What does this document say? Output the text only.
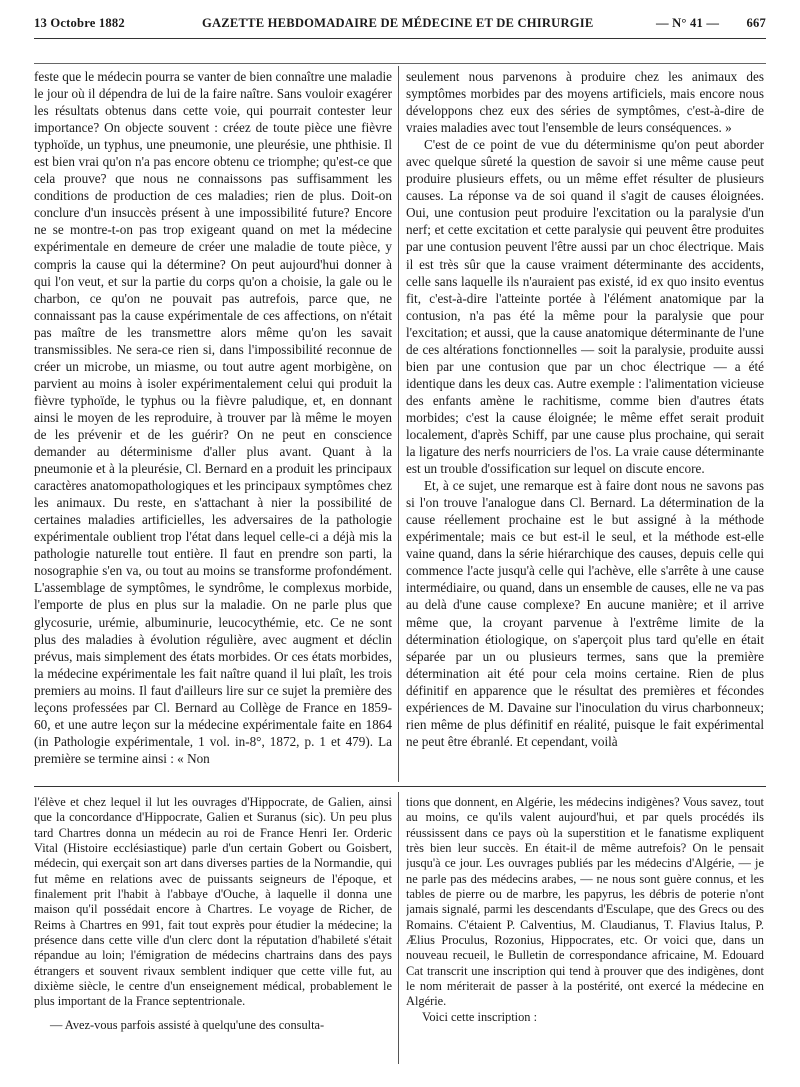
13 Octobre 1882	GAZETTE HEBDOMADAIRE DE MÉDECINE ET DE CHIRURGIE	— N° 41 — 667

feste que le médecin pourra se vanter de bien connaître une maladie le jour où il dépendra de lui de la faire naître. Sans vouloir exagérer les résultats obtenus dans cette voie, qui pourrait contester leur importance? On objecte souvent : créez de toute pièce une fièvre typhoïde, un typhus, une pneumonie, une pleurésie, une phthisie. Il est bien vrai qu'on n'a pas encore obtenu ce triomphe; qu'est-ce que cela prouve? que nous ne connaissons pas suffisamment les conditions de production de ces maladies; rien de plus. Doit-on conclure d'un insuccès présent à une impossibilité future? Encore ne se montre-t-on pas trop exigeant quand on met la médecine expérimentale en demeure de créer une maladie de toute pièce, y compris la cause qui la détermine? On peut aujourd'hui donner à qui l'on veut, et sur la partie du corps qu'on a choisie, la gale ou le charbon, ce qu'on ne pouvait pas autrefois, parce que, ne connaissant pas la cause expérimentale de ces affections, on n'était pas maître de les transmettre alors même qu'on les savait transmissibles. Ne sera-ce rien si, dans l'impossibilité reconnue de créer un microbe, un miasme, ou tout autre agent morbigène, on parvient au moins à isoler expérimentalement celui qui produit la fièvre typhoïde, le typhus ou la fièvre paludique, et, en donnant ainsi le moyen de les reproduire, à trouver par là même le moyen de les prévenir et de les guérir? On ne peut en conscience demander au déterminisme d'aller plus avant. Quant à la pneumonie et à la pleurésie, Cl. Bernard en a produit les principaux caractères anatomopathologiques et les principaux symptômes chez les animaux. Du reste, en s'attachant à nier la possibilité de certaines maladies artificielles, les adversaires de la pathologie expérimentale oublient trop l'état dans lequel celle-ci a déjà mis la pathologie naturelle tout entière. Il faut en prendre son parti, la nosographie s'en va, ou tout au moins se transforme profondément. L'assemblage de symptômes, le syndrôme, le complexus morbide, l'emporte de plus en plus sur la maladie. On ne parle plus que glycosurie, urémie, albuminurie, leucocythémie, etc. Ce ne sont plus des maladies à évolution régulière, avec augment et déclin prévus, mais simplement des états morbides. Or ces états morbides, la médecine expérimentale les fait naître quand il lui plaît, les trois premiers au moins. Il faut d'ailleurs lire sur ce sujet la première des leçons professées par Cl. Bernard au Collège de France en 1859-60, et une autre leçon sur la médecine expérimentale faite en 1864 (in Pathologie expérimentale, 1 vol. in-8°, 1872, p. 1 et 479). La première se termine ainsi : « Non

seulement nous parvenons à produire chez les animaux des symptômes morbides par des moyens artificiels, mais encore nous développons chez eux des séries de symptômes, c'est-à-dire de vraies maladies avec tout l'ensemble de leurs conséquences. »

C'est de ce point de vue du déterminisme qu'on peut aborder avec quelque sûreté la question de savoir si une même cause peut produire plusieurs effets, ou un même effet résulter de plusieurs causes. La réponse va de soi quand il s'agit de causes éloignées. Oui, une contusion peut produire l'excitation ou la paralysie d'un nerf; et cette excitation et cette paralysie qui peuvent être produites par une contusion peuvent l'être aussi par un choc électrique. Mais il est très sûr que la cause vraiment déterminante des accidents, celle sans laquelle ils n'auraient pas existé, id ex quo insito eventus fit, c'est-à-dire l'atteinte portée à l'élément anatomique par la contusion, n'a pas été la même pour la paralysie que pour l'excitation; et aussi, que la cause anatomique déterminante de l'une de ces altérations fonctionnelles — soit la paralysie, produite aussi bien par une contusion que par un choc électrique — a été identique dans les deux cas. Autre exemple : l'alimentation vicieuse des enfants amène le rachitisme, comme bien d'autres états morbides; c'est la cause éloignée; le même effet serait produit localement, d'après Schiff, par une cause plus prochaine, qui serait la ligature des nerfs nourriciers de l'os. La vraie cause déterminante est un trouble d'ossification sur lequel on discute encore.

Et, à ce sujet, une remarque est à faire dont nous ne savons pas si l'on trouve l'analogue dans Cl. Bernard. La détermination de la cause réellement prochaine est le but assigné à la méthode expérimentale; mais ce but est-il le seul, et la méthode est-elle vaine quand, dans la série hiérarchique des causes, depuis celle qui commence l'acte jusqu'à celle qui l'achève, elle s'arrête à une cause intermédiaire, ou quand, dans un ensemble de causes, elle ne va pas au delà d'une cause complexe? En aucune manière; et il arrive même que, la croyant parvenue à l'extrême limite de la détermination étiologique, on s'aperçoit plus tard qu'elle en était séparée par un ou plusieurs termes, sans que la première détermination ait été pour cela moins certaine. Rien de plus définitif en apparence que le résultat des premières et fécondes expériences de M. Davaine sur l'inoculation du virus charbonneux; rien même de plus définitif en réalité, puisque le fait expérimental ne peut être ébranlé. Et cependant, voilà

l'élève et chez lequel il lut les ouvrages d'Hippocrate, de Galien, ainsi que la concordance d'Hippocrate, Galien et Suranus (sic). Un peu plus tard Chartres donna un médecin au roi de France Henri Ier. Orderic Vital (Histoire ecclésiastique) parle d'un certain Gobert ou Goisbert, médecin, qui exerçait son art dans diverses parties de la Normandie, qui fut même en relations avec de puissants seigneurs de l'époque, et finalement prit l'habit à l'abbaye d'Ouche, à laquelle il donna une maison qu'il possédait encore à Chartres. Le voyage de Richer, de Reims à Chartres en 991, fait tout exprès pour étudier la médecine; la présence dans cette ville d'un clerc dont la réputation d'habileté s'était répandue au loin; l'émigration de médecins chartrains dans des pays étrangers et souvent rivaux semblent indiquer que cette ville fut, au dixième siècle, le centre d'un enseignement médical, probablement le plus important de la France septentrionale.

— Avez-vous parfois assisté à quelqu'une des consulta-

tions que donnent, en Algérie, les médecins indigènes? Vous savez, tout au moins, ce qu'ils valent aujourd'hui, et par quels procédés ils réussissent dans ce pays où la superstition et le fanatisme expliquent très bien leur succès. En était-il de même autrefois? On le pensait jusqu'à ce jour. Les ouvrages publiés par les médecins d'Algérie, — je ne parle pas des médecins arabes, — ne nous sont guère connus, et les tables de pierre ou de marbre, les papyrus, les débris de poterie n'ont jamais signalé, parmi les descendants d'Esculape, que des Grecs ou des Romains. C'étaient P. Calventius, M. Claudianus, T. Flavius Italus, P. Ælius Proculus, Rozonius, Hippocrates, etc. Or voici que, dans un nouveau recueil, le Bulletin de correspondance africaine, M. Edouard Cat transcrit une inscription qui tend à prouver que des indigènes, dont le nom mériterait de passer à la postérité, ont exercé la médecine en Algérie.

Voici cette inscription :
